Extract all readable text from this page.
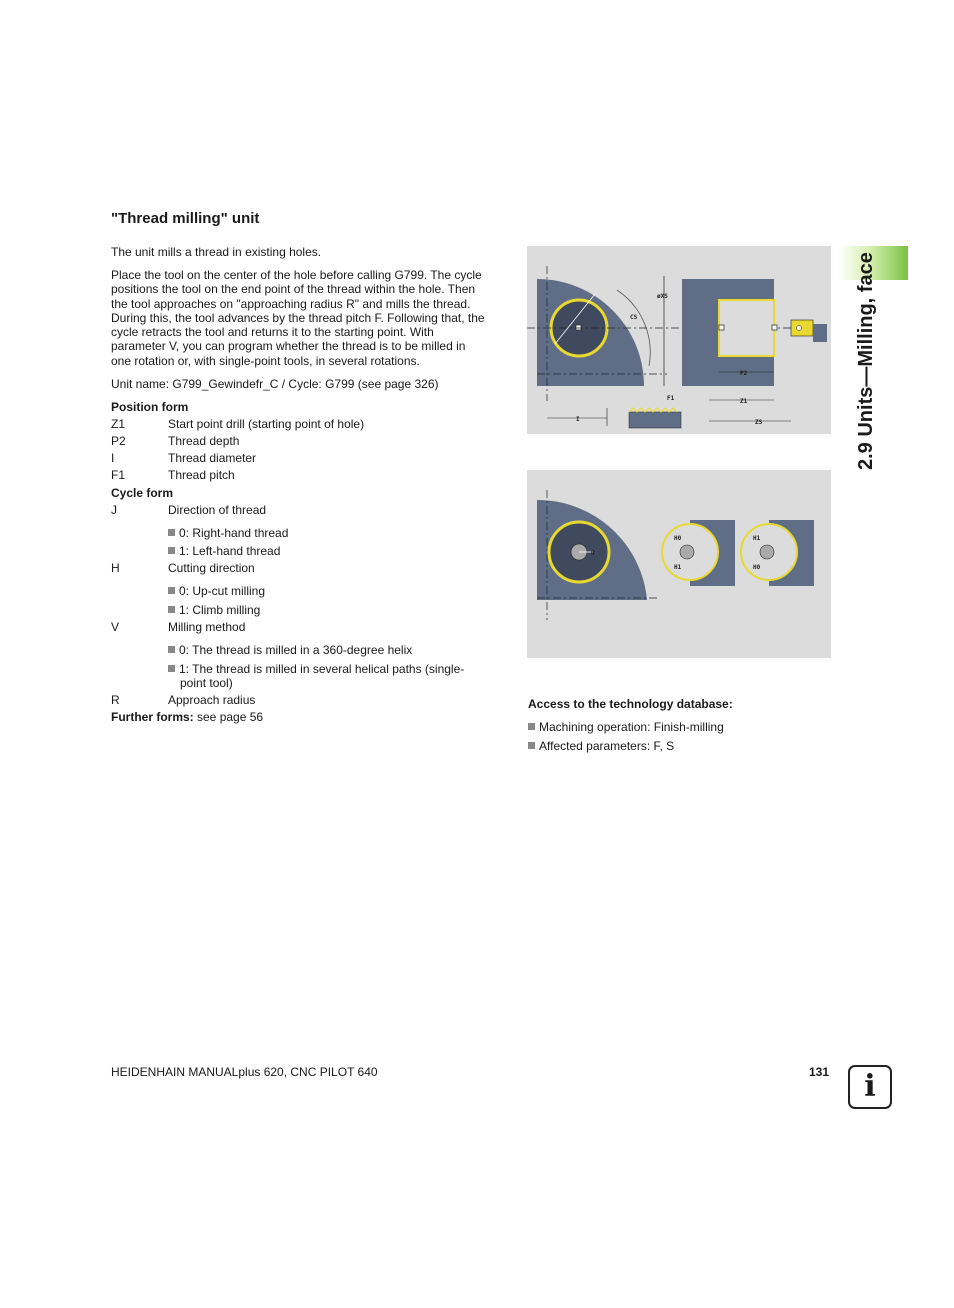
"Thread milling" unit
The unit mills a thread in existing holes.
Place the tool on the center of the hole before calling G799. The cycle
positions the tool on the end point of the thread within the hole. Then
the tool approaches on "approaching radius R" and mills the thread.
During this, the tool advances by the thread pitch F. Following that, the
cycle retracts the tool and returns it to the starting point. With
parameter V, you can program whether the thread is to be milled in
one rotation or, with single-point tools, in several rotations.
Unit name: G799_Gewindefr_C / Cycle: G799 (see page 326)
Position form
Z1	Start point drill (starting point of hole)
P2	Thread depth
I	Thread diameter
F1	Thread pitch
Cycle form
J	Direction of thread
0: Right-hand thread
1: Left-hand thread
H	Cutting direction
0: Up-cut milling
1: Climb milling
V	Milling method
0: The thread is milled in a 360-degree helix
1: The thread is milled in several helical paths (single-
point tool)
R	Approach radius
Further forms: see page 56
øXS
CS
P2
Z1
ZS
F1
I
R
H0
H1
H1
H0
Access to the technology database:
Machining operation: Finish-milling
Affected parameters: F, S
2.9 Units—Milling, face
HEIDENHAIN MANUALplus 620, CNC PILOT 640	131	i
